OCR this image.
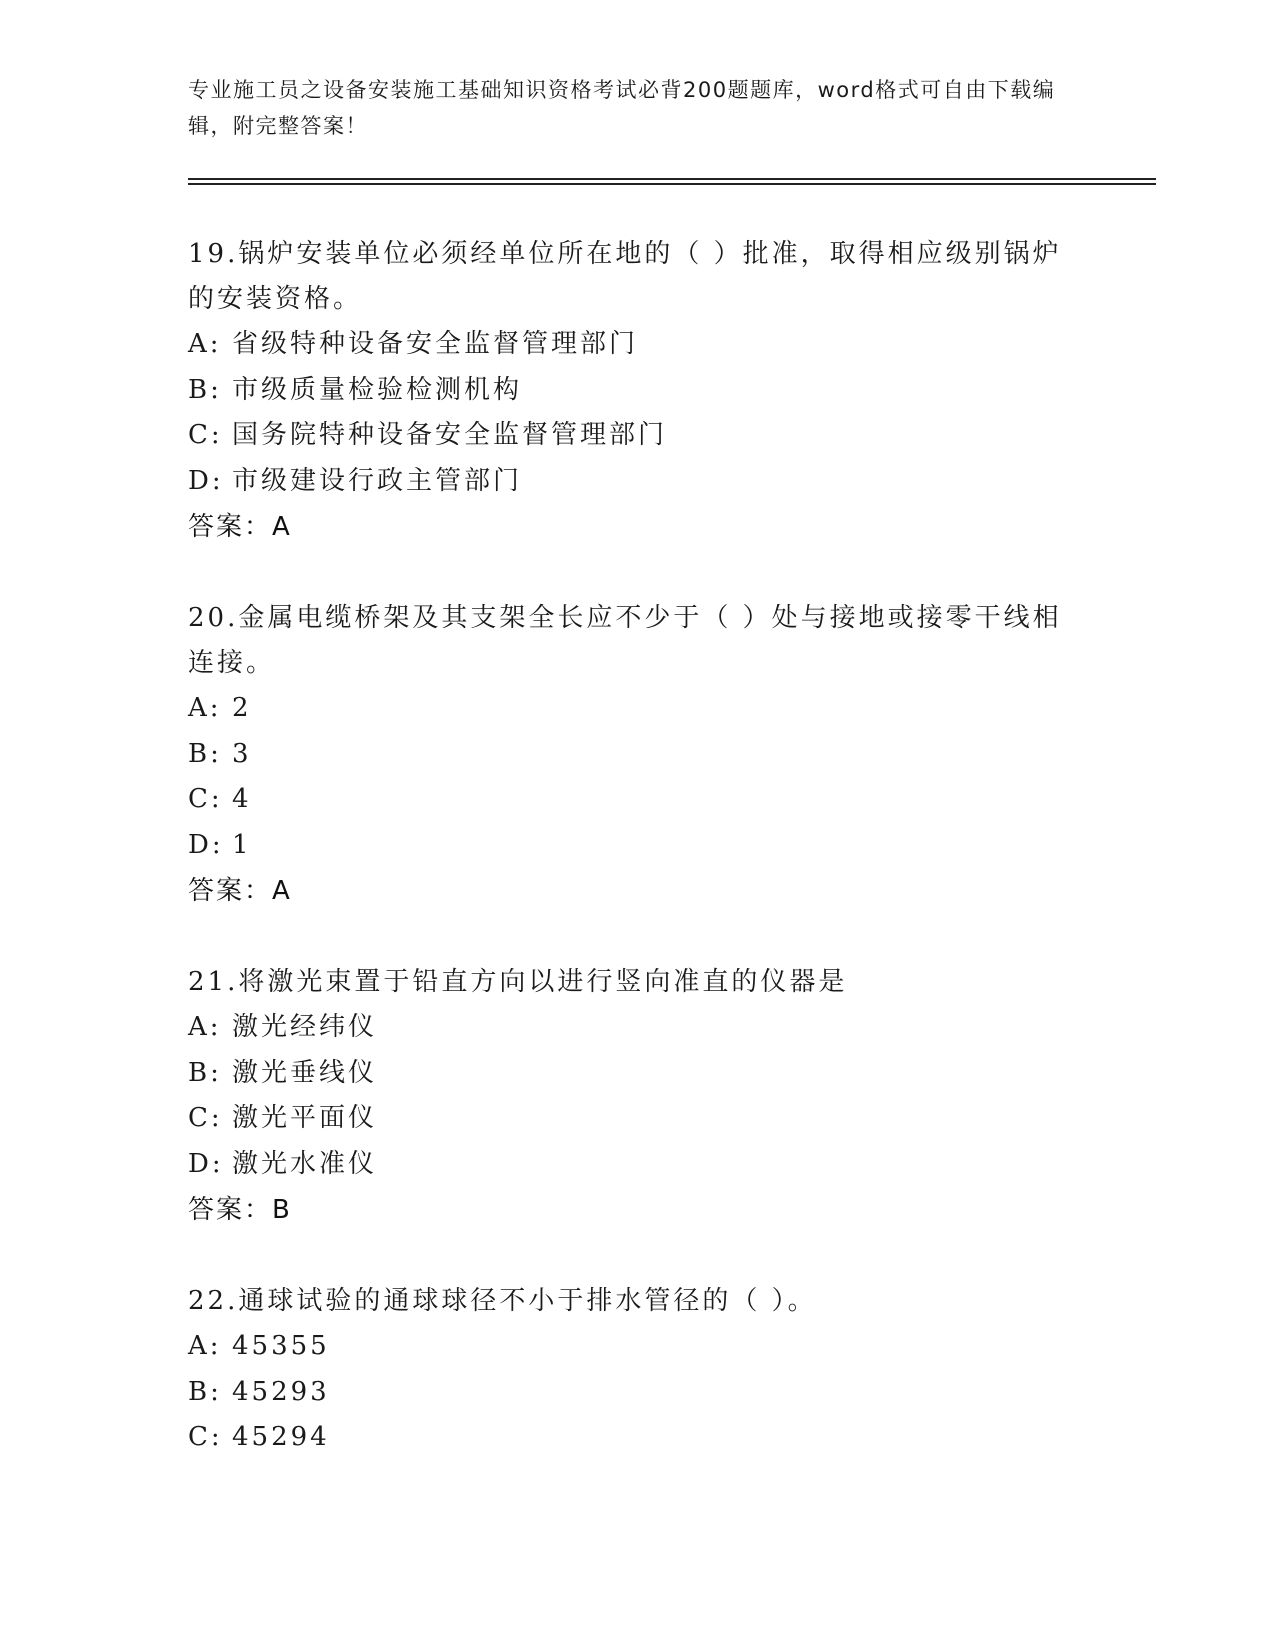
专业施工员之设备安装施工基础知识资格考试必背200题题库，word格式可自由下载编辑，附完整答案！
19.锅炉安装单位必须经单位所在地的（ ）批准，取得相应级别锅炉的安装资格。
A: 省级特种设备安全监督管理部门
B: 市级质量检验检测机构
C: 国务院特种设备安全监督管理部门
D: 市级建设行政主管部门
答案：A
20.金属电缆桥架及其支架全长应不少于（ ）处与接地或接零干线相连接。
A: 2
B: 3
C: 4
D: 1
答案：A
21.将激光束置于铅直方向以进行竖向准直的仪器是
A: 激光经纬仪
B: 激光垂线仪
C: 激光平面仪
D: 激光水准仪
答案：B
22.通球试验的通球球径不小于排水管径的（ ）。
A: 45355
B: 45293
C: 45294
